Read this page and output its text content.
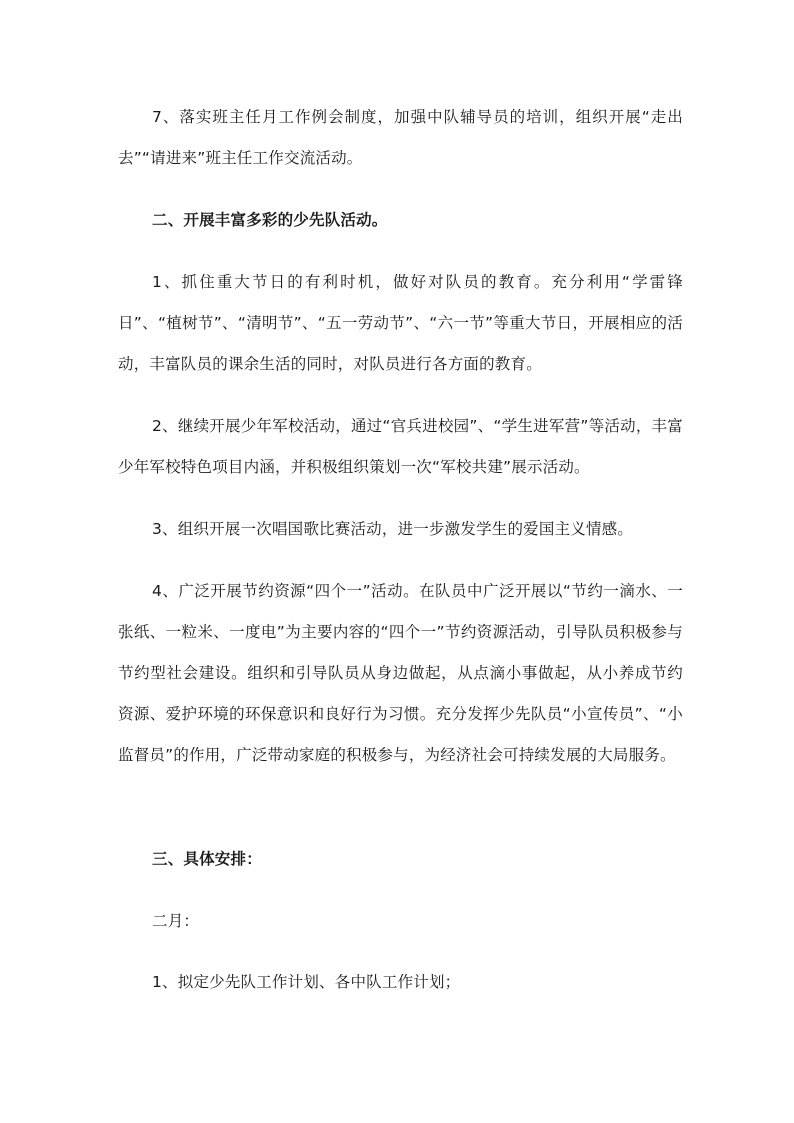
7、落实班主任月工作例会制度，加强中队辅导员的培训，组织开展“走出去”“请进来”班主任工作交流活动。

二、开展丰富多彩的少先队活动。

1、抓住重大节日的有利时机，做好对队员的教育。充分利用“学雷锋日”、“植树节”、“清明节”、“五一劳动节”、“六一节”等重大节日，开展相应的活动，丰富队员的课余生活的同时，对队员进行各方面的教育。

2、继续开展少年军校活动，通过“官兵进校园”、“学生进军营”等活动，丰富少年军校特色项目内涵，并积极组织策划一次“军校共建”展示活动。

3、组织开展一次唱国歌比赛活动，进一步激发学生的爱国主义情感。

4、广泛开展节约资源“四个一”活动。在队员中广泛开展以“节约一滴水、一张纸、一粒米、一度电”为主要内容的“四个一”节约资源活动，引导队员积极参与节约型社会建设。组织和引导队员从身边做起，从点滴小事做起，从小养成节约资源、爱护环境的环保意识和良好行为习惯。充分发挥少先队员“小宣传员”、“小监督员”的作用，广泛带动家庭的积极参与，为经济社会可持续发展的大局服务。

三、具体安排：

二月：

1、拟定少先队工作计划、各中队工作计划；
